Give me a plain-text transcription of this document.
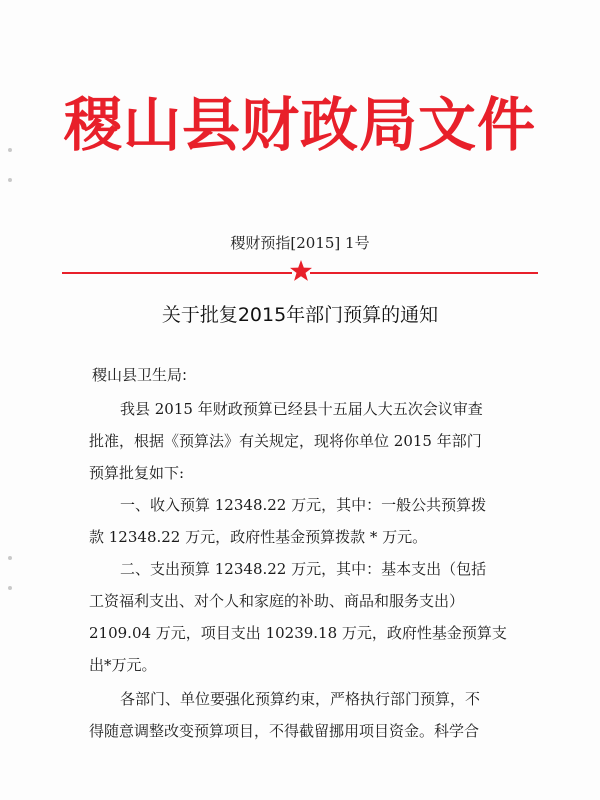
稷山县财政局文件
稷财预指[2015] 1号
关于批复2015年部门预算的通知
稷山县卫生局:
我县 2015 年财政预算已经县十五届人大五次会议审查
批准，根据《预算法》有关规定，现将你单位 2015 年部门
预算批复如下:
一、收入预算 12348.22 万元，其中：一般公共预算拨
款 12348.22 万元，政府性基金预算拨款 * 万元。
二、支出预算 12348.22 万元，其中：基本支出（包括
工资福利支出、对个人和家庭的补助、商品和服务支出）
2109.04 万元，项目支出 10239.18 万元，政府性基金预算支
出*万元。
各部门、单位要强化预算约束，严格执行部门预算，不
得随意调整改变预算项目，不得截留挪用项目资金。科学合
